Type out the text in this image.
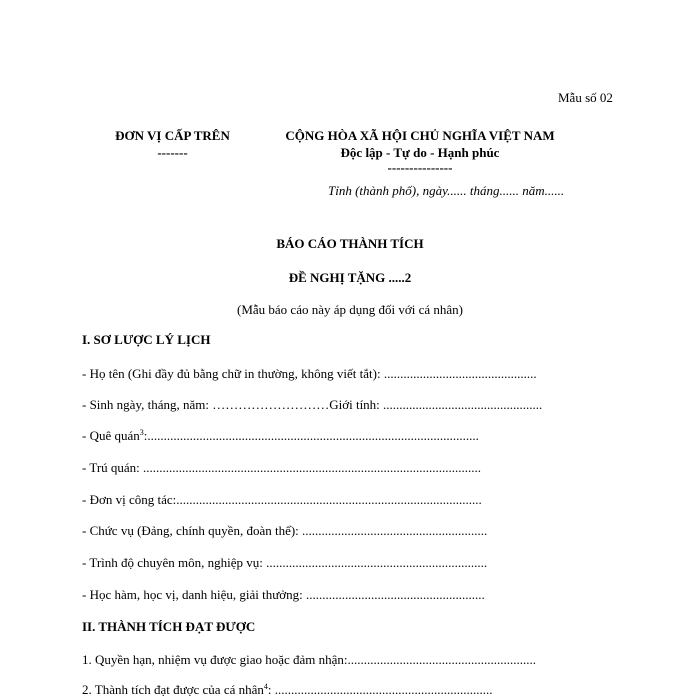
Mẫu số 02
ĐƠN VỊ CẤP TRÊN
-------
CỘNG HÒA XÃ HỘI CHỦ NGHĨA VIỆT NAM
Độc lập - Tự do - Hạnh phúc
---------------
Tỉnh (thành phố), ngày...... tháng...... năm......
BÁO CÁO THÀNH TÍCH
ĐỀ NGHỊ TẶNG .....2
(Mẫu báo cáo này áp dụng đối với cá nhân)
I. SƠ LƯỢC LÝ LỊCH
- Họ tên (Ghi đầy đủ bằng chữ in thường, không viết tắt): ...............................................
- Sinh ngày, tháng, năm: ………………………Giới tính: .................................................
- Quê quán$^3$:......................................................................................................
- Trú quán: ........................................................................................................
- Đơn vị công tác:..............................................................................................
- Chức vụ (Đảng, chính quyền, đoàn thể): .........................................................
- Trình độ chuyên môn, nghiệp vụ: ....................................................................
- Học hàm, học vị, danh hiệu, giải thưởng: .......................................................
II. THÀNH TÍCH ĐẠT ĐƯỢC
1. Quyền hạn, nhiệm vụ được giao hoặc đảm nhận:..........................................................
2. Thành tích đạt được của cá nhân$^4$: ...................................................................
